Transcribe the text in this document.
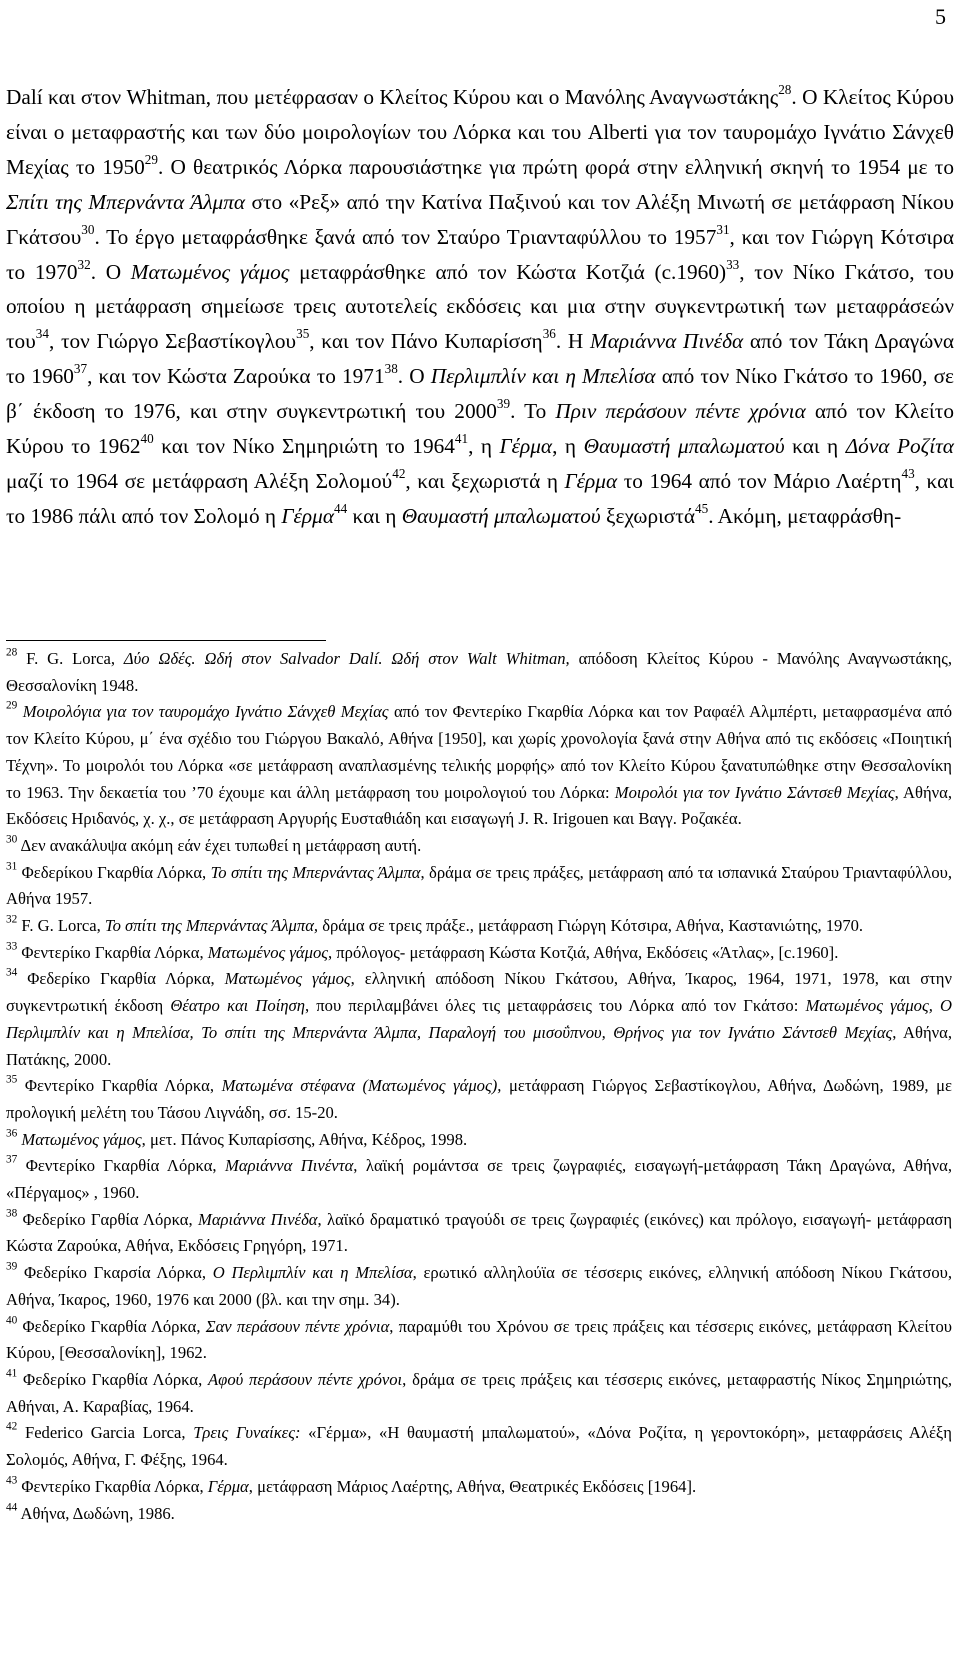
5

Dalí και στον Whitman, που μετέφρασαν ο Κλείτος Κύρου και ο Μανόλης Αναγνωστάκης$^{28}$. Ο Κλείτος Κύρου είναι ο μεταφραστής και των δύο μοιρολογίων του Λόρκα και του Alberti για τον ταυρομάχο Ιγνάτιο Σάνχεθ Μεχίας το 1950$^{29}$. Ο θεατρικός Λόρκα παρουσιάστηκε για πρώτη φορά στην ελληνική σκηνή το 1954 με το Σπίτι της Μπερνάντα Άλμπα στο «Ρεξ» από την Κατίνα Παξινού και τον Αλέξη Μινωτή σε μετάφραση Νίκου Γκάτσου$^{30}$. Το έργο μεταφράσθηκε ξανά από τον Σταύρο Τριανταφύλλου το 1957$^{31}$, και τον Γιώργη Κότσιρα το 1970$^{32}$. Ο Ματωμένος γάμος μεταφράσθηκε από τον Κώστα Κοτζιά $(c.1960)^{33}$, τον Νίκο Γκάτσο, του οποίου η μετάφραση σημείωσε τρεις αυτοτελείς εκδόσεις και μια στην συγκεντρωτική των μεταφράσεών του$^{34}$, τον Γιώργο Σεβαστίκογλου$^{35}$, και τον Πάνο Κυπαρίσση$^{36}$. Η Μαριάννα Πινέδα από τον Τάκη Δραγώνα το 1960$^{37}$, και τον Κώστα Ζαρούκα το 1971$^{38}$. Ο Περλιμπλίν και η Μπελίσα από τον Νίκο Γκάτσο το 1960, σε β΄ έκδοση το 1976, και στην συγκεντρωτική του 2000$^{39}$. Το Πριν περάσουν πέντε χρόνια από τον Κλείτο Κύρου το 1962$^{40}$ και τον Νίκο Σημηριώτη το 1964$^{41}$, η Γέρμα, η Θαυμαστή μπαλωματού και η Δόνα Ροζίτα μαζί το 1964 σε μετάφραση Αλέξη Σολομού$^{42}$, και ξεχωριστά η Γέρμα το 1964 από τον Μάριο Λαέρτη$^{43}$, και το 1986 πάλι από τον Σολομό η Γέρμα$^{44}$ και η Θαυμαστή μπαλωματού ξεχωριστά$^{45}$. Ακόμη, μεταφράσθη-

$^{28}$ F. G. Lorca, Δύο Ωδές. Ωδή στον Salvador Dalí. Ωδή στον Walt Whitman, απόδοση Κλείτος Κύρου - Μανόλης Αναγνωστάκης, Θεσσαλονίκη 1948.

$^{29}$ Μοιρολόγια για τον ταυρομάχο Ιγνάτιο Σάνχεθ Μεχίας από τον Φεντερίκο Γκαρθία Λόρκα και τον Ραφαέλ Αλμπέρτι, μεταφρασμένα από τον Κλείτο Κύρου, μ΄ ένα σχέδιο του Γιώργου Βακαλό, Αθήνα [1950], και χωρίς χρονολογία ξανά στην Αθήνα από τις εκδόσεις «Ποιητική Τέχνη». Το μοιρολόι του Λόρκα «σε μετάφραση αναπλασμένης τελικής μορφής» από τον Κλείτο Κύρου ξανατυπώθηκε στην Θεσσαλονίκη το 1963. Την δεκαετία του ’70 έχουμε και άλλη μετάφραση του μοιρολογιού του Λόρκα: Μοιρολόι για τον Ιγνάτιο Σάντσεθ Μεχίας, Αθήνα, Εκδόσεις Ηριδανός, χ. χ., σε μετάφραση Αργυρής Ευσταθιάδη και εισαγωγή J. R. Irigouen και Βαγγ. Ροζακέα.

$^{30}$ Δεν ανακάλυψα ακόμη εάν έχει τυπωθεί η μετάφραση αυτή.

$^{31}$ Φεδερίκου Γκαρθία Λόρκα, Το σπίτι της Μπερνάντας Άλμπα, δράμα σε τρεις πράξες, μετάφραση από τα ισπανικά Σταύρου Τριανταφύλλου, Αθήνα 1957.

$^{32}$ F. G. Lorca, Το σπίτι της Μπερνάντας Άλμπα, δράμα σε τρεις πράξε., μετάφραση Γιώργη Κότσιρα, Αθήνα, Καστανιώτης, 1970.

$^{33}$ Φεντερίκο Γκαρθία Λόρκα, Ματωμένος γάμος, πρόλογος- μετάφραση Κώστα Κοτζιά, Αθήνα, Εκδόσεις «Άτλας», [c.1960].

$^{34}$ Φεδερίκο Γκαρθία Λόρκα, Ματωμένος γάμος, ελληνική απόδοση Νίκου Γκάτσου, Αθήνα, Ίκαρος, 1964, 1971, 1978, και στην συγκεντρωτική έκδοση Θέατρο και Ποίηση, που περιλαμβάνει όλες τις μεταφράσεις του Λόρκα από τον Γκάτσο: Ματωμένος γάμος, Ο Περλιμπλίν και η Μπελίσα, Το σπίτι της Μπερνάντα Άλμπα, Παραλογή του μισοΰπνου, Θρήνος για τον Ιγνάτιο Σάντσεθ Μεχίας, Αθήνα, Πατάκης, 2000.

$^{35}$ Φεντερίκο Γκαρθία Λόρκα, Ματωμένα στέφανα (Ματωμένος γάμος), μετάφραση Γιώργος Σεβαστίκογλου, Αθήνα, Δωδώνη, 1989, με προλογική μελέτη του Τάσου Λιγνάδη, σσ. 15-20.

$^{36}$ Ματωμένος γάμος, μετ. Πάνος Κυπαρίσσης, Αθήνα, Κέδρος, 1998.

$^{37}$ Φεντερίκο Γκαρθία Λόρκα, Μαριάννα Πινέντα, λαϊκή ρομάντσα σε τρεις ζωγραφιές, εισαγωγή-μετάφραση Τάκη Δραγώνα, Αθήνα, «Πέργαμος» , 1960.

$^{38}$ Φεδερίκο Γαρθία Λόρκα, Μαριάννα Πινέδα, λαϊκό δραματικό τραγούδι σε τρεις ζωγραφιές (εικόνες) και πρόλογο, εισαγωγή- μετάφραση Κώστα Ζαρούκα, Αθήνα, Εκδόσεις Γρηγόρη, 1971.

$^{39}$ Φεδερίκο Γκαρσία Λόρκα, Ο Περλιμπλίν και η Μπελίσα, ερωτικό αλληλούϊα σε τέσσερις εικόνες, ελληνική απόδοση Νίκου Γκάτσου, Αθήνα, Ίκαρος, 1960, 1976 και 2000 (βλ. και την σημ. 34).

$^{40}$ Φεδερίκο Γκαρθία Λόρκα, Σαν περάσουν πέντε χρόνια, παραμύθι του Χρόνου σε τρεις πράξεις και τέσσερις εικόνες, μετάφραση Κλείτου Κύρου, [Θεσσαλονίκη], 1962.

$^{41}$ Φεδερίκο Γκαρθία Λόρκα, Αφού περάσουν πέντε χρόνοι, δράμα σε τρεις πράξεις και τέσσερις εικόνες, μεταφραστής Νίκος Σημηριώτης, Αθήναι, Α. Καραβίας, 1964.

$^{42}$ Federico Garcia Lorca, Τρεις Γυναίκες: «Γέρμα», «Η θαυμαστή μπαλωματού», «Δόνα Ροζίτα, η γεροντοκόρη», μεταφράσεις Αλέξη Σολομός, Αθήνα, Γ. Φέξης, 1964.

$^{43}$ Φεντερίκο Γκαρθία Λόρκα, Γέρμα, μετάφραση Μάριος Λαέρτης, Αθήνα, Θεατρικές Εκδόσεις [1964].

$^{44}$ Αθήνα, Δωδώνη, 1986.
